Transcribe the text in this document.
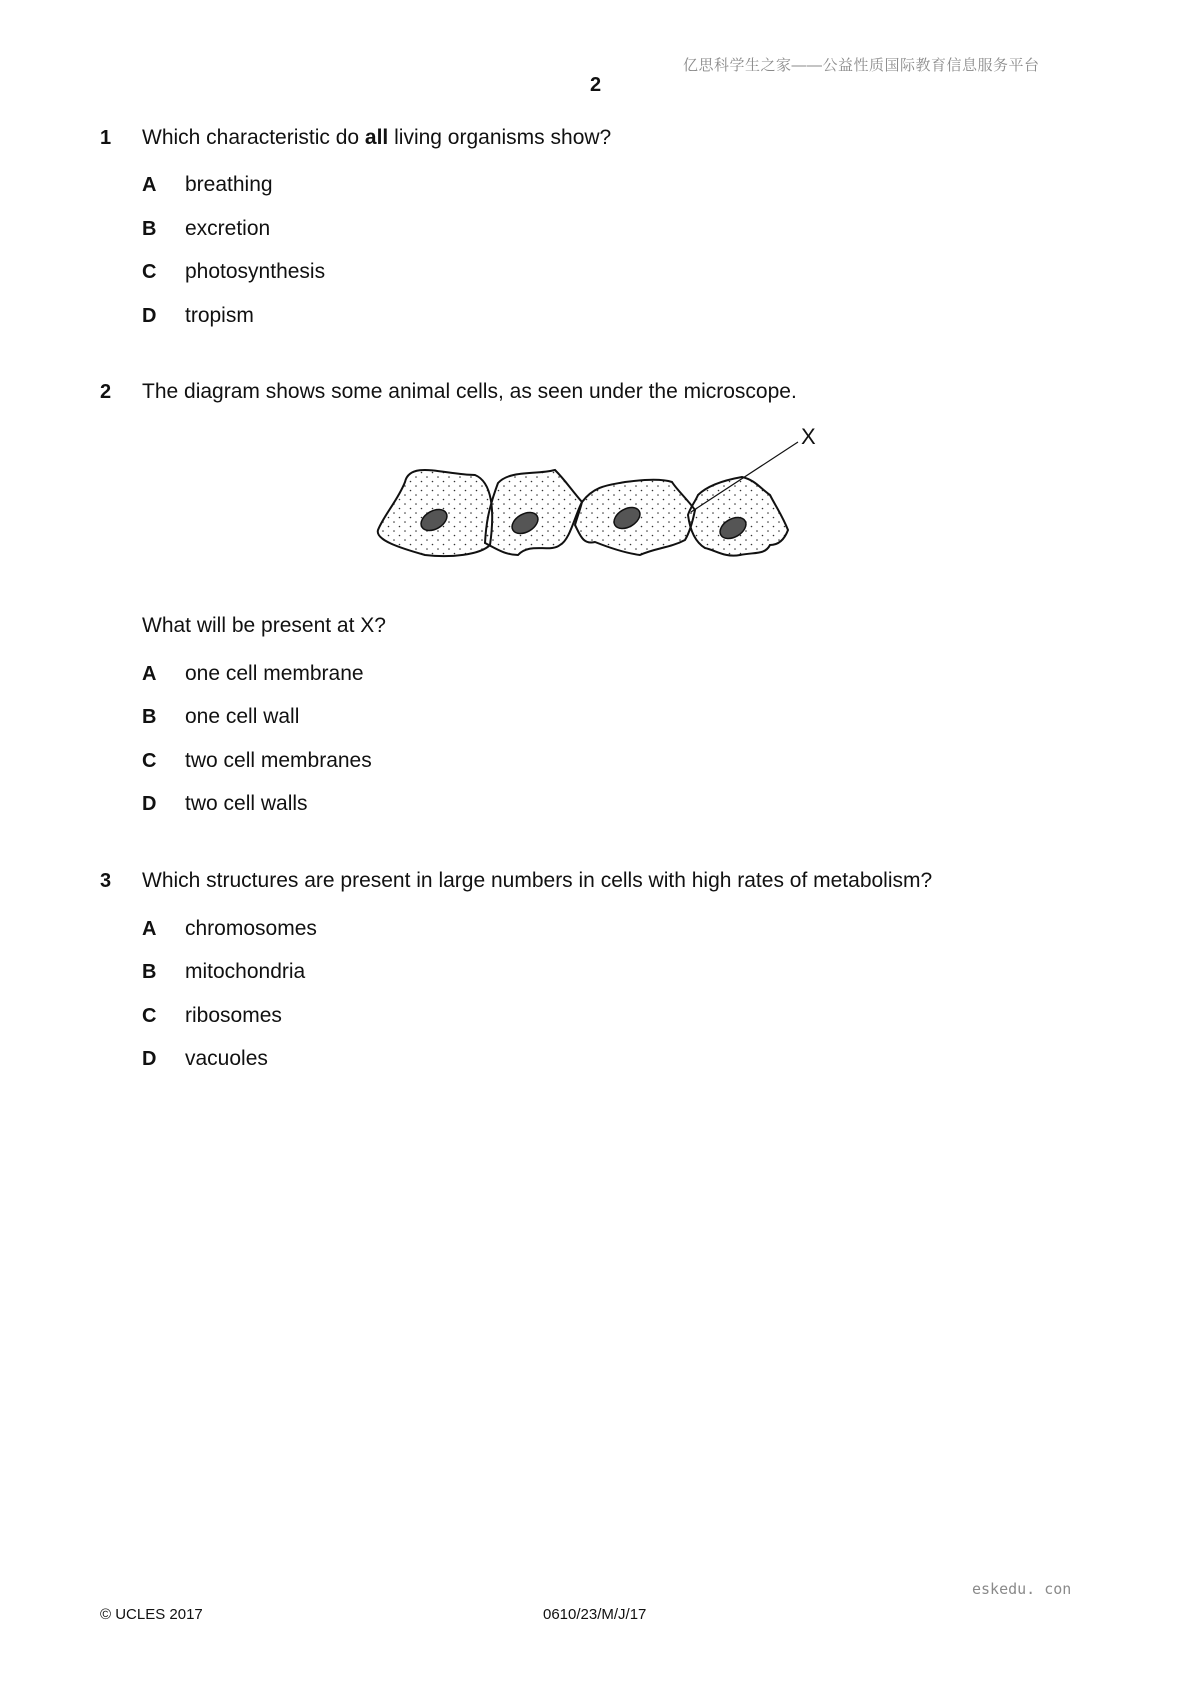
亿思科学生之家——公益性质国际教育信息服务平台
2
1 Which characteristic do all living organisms show?
A breathing
B excretion
C photosynthesis
D tropism
2 The diagram shows some animal cells, as seen under the microscope.
X
What will be present at X?
A one cell membrane
B one cell wall
C two cell membranes
D two cell walls
3 Which structures are present in large numbers in cells with high rates of metabolism?
A chromosomes
B mitochondria
C ribosomes
D vacuoles
eskedu. con
© UCLES 2017	0610/23/M/J/17
